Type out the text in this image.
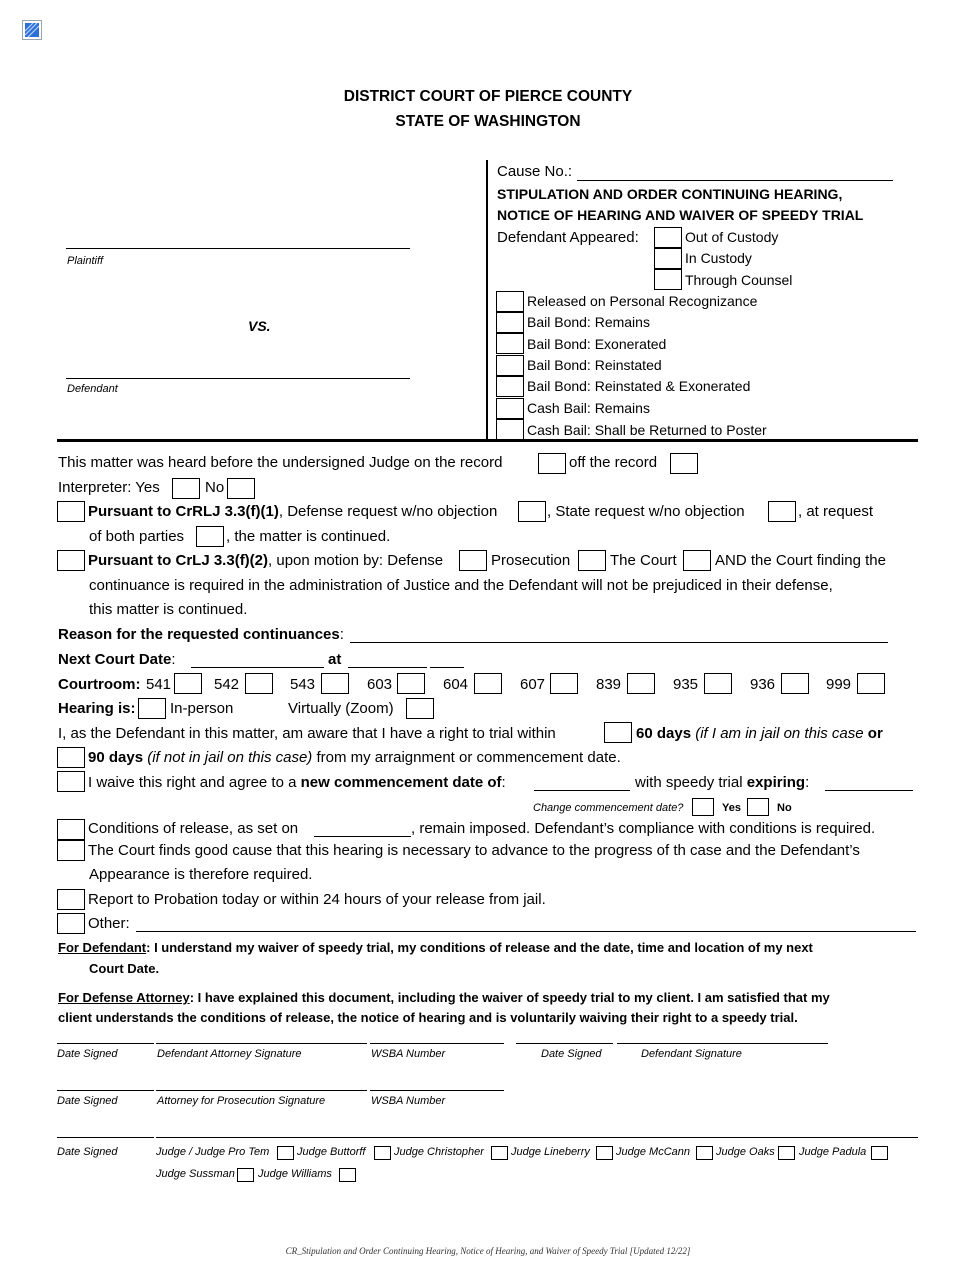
DISTRICT COURT OF PIERCE COUNTY
STATE OF WASHINGTON
Plaintiff
VS.
Defendant
Cause No.:
STIPULATION AND ORDER CONTINUING HEARING,
NOTICE OF HEARING AND WAIVER OF SPEEDY TRIAL
Defendant Appeared:	Out of Custody
In Custody
Through Counsel
Released on Personal Recognizance
Bail Bond: Remains
Bail Bond: Exonerated
Bail Bond: Reinstated
Bail Bond: Reinstated & Exonerated
Cash Bail: Remains
Cash Bail: Shall be Returned to Poster
This matter was heard before the undersigned Judge on the record	off the record
Interpreter: Yes	No
Pursuant to CrRLJ 3.3(f)(1), Defense request w/no objection	, State request w/no objection	, at request
of both parties	, the matter is continued.
Pursuant to CrLJ 3.3(f)(2), upon motion by: Defense	Prosecution	The Court	AND the Court finding the
continuance is required in the administration of Justice and the Defendant will not be prejudiced in their defense,
this matter is continued.
Reason for the requested continuances:
Next Court Date:	at
Courtroom: 541	542	543	603	604	607	839	935	936	999
Hearing is: In-person	Virtually (Zoom)
I, as the Defendant in this matter, am aware that I have a right to trial within	60 days (if I am in jail on this case or
90 days (if not in jail on this case) from my arraignment or commencement date.
I waive this right and agree to a new commencement date of:	with speedy trial expiring:
Change commencement date?	Yes	No
Conditions of release, as set on	, remain imposed. Defendant’s compliance with conditions is required.
The Court finds good cause that this hearing is necessary to advance to the progress of th case and the Defendant’s
Appearance is therefore required.
Report to Probation today or within 24 hours of your release from jail.
Other:
For Defendant: I understand my waiver of speedy trial, my conditions of release and the date, time and location of my next
Court Date.
For Defense Attorney: I have explained this document, including the waiver of speedy trial to my client. I am satisfied that my
client understands the conditions of release, the notice of hearing and is voluntarily waiving their right to a speedy trial.
Date Signed	Defendant Attorney Signature	WSBA Number	Date Signed	Defendant Signature
Date Signed	Attorney for Prosecution Signature	WSBA Number
Date Signed	Judge / Judge Pro Tem	Judge Buttorff	Judge Christopher Judge Lineberry Judge McCann Judge Oaks Judge Padula
Judge Sussman Judge Williams
CR_Stipulation and Order Continuing Hearing, Notice of Hearing, and Waiver of Speedy Trial [Updated 12/22]
